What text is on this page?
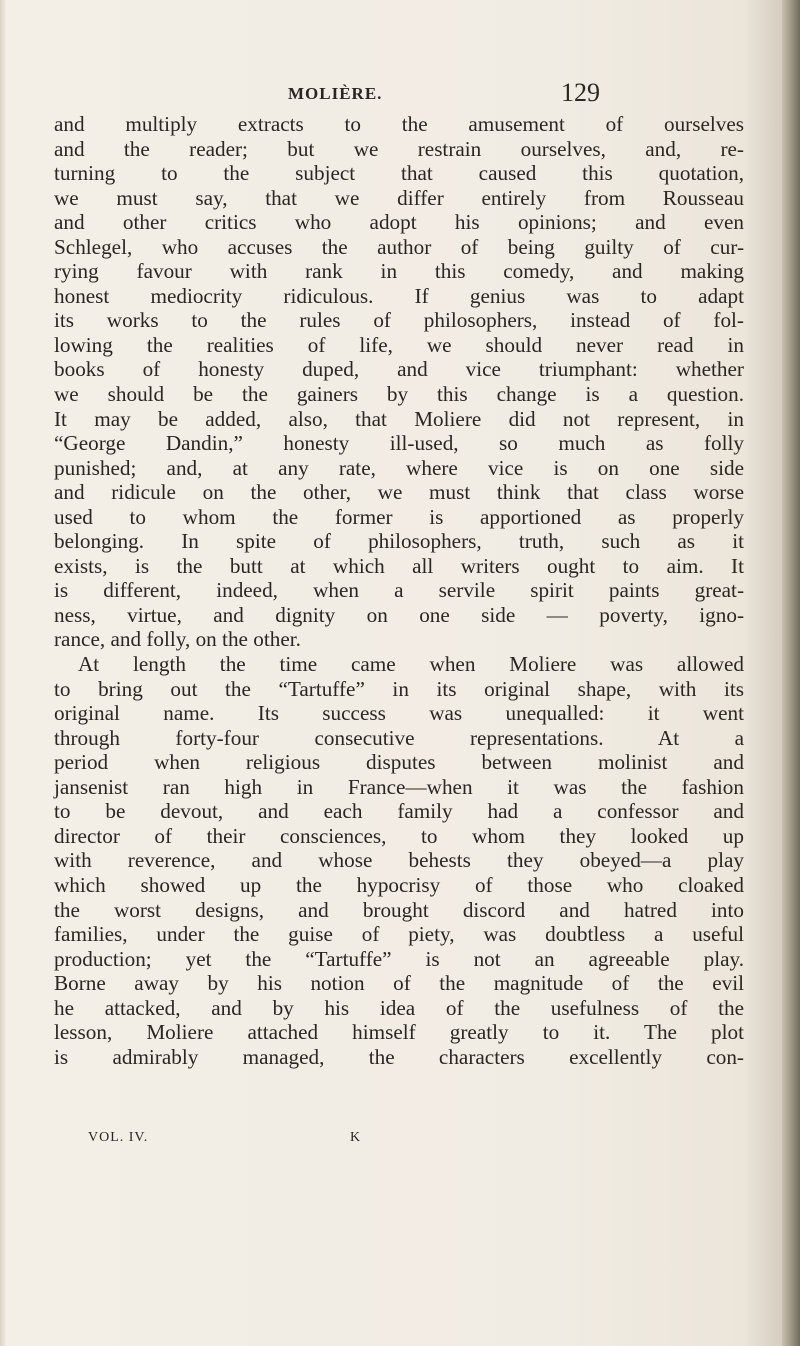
MOLIÈRE.	129
and multiply extracts to the amusement of ourselves
and the reader; but we restrain ourselves, and, re-
turning to the subject that caused this quotation,
we must say, that we differ entirely from Rousseau
and other critics who adopt his opinions; and even
Schlegel, who accuses the author of being guilty of cur-
rying favour with rank in this comedy, and making
honest mediocrity ridiculous. If genius was to adapt
its works to the rules of philosophers, instead of fol-
lowing the realities of life, we should never read in
books of honesty duped, and vice triumphant: whether
we should be the gainers by this change is a question.
It may be added, also, that Moliere did not represent, in
“George Dandin,” honesty ill-used, so much as folly
punished; and, at any rate, where vice is on one side
and ridicule on the other, we must think that class worse
used to whom the former is apportioned as properly
belonging. In spite of philosophers, truth, such as it
exists, is the butt at which all writers ought to aim. It
is different, indeed, when a servile spirit paints great-
ness, virtue, and dignity on one side — poverty, igno-
rance, and folly, on the other.
At length the time came when Moliere was allowed
to bring out the “Tartuffe” in its original shape, with its
original name. Its success was unequalled: it went
through forty-four consecutive representations. At a
period when religious disputes between molinist and
jansenist ran high in France—when it was the fashion
to be devout, and each family had a confessor and
director of their consciences, to whom they looked up
with reverence, and whose behests they obeyed—a play
which showed up the hypocrisy of those who cloaked
the worst designs, and brought discord and hatred into
families, under the guise of piety, was doubtless a useful
production; yet the “Tartuffe” is not an agreeable play.
Borne away by his notion of the magnitude of the evil
he attacked, and by his idea of the usefulness of the
lesson, Moliere attached himself greatly to it. The plot
is admirably managed, the characters excellently con-
VOL. IV.	K
